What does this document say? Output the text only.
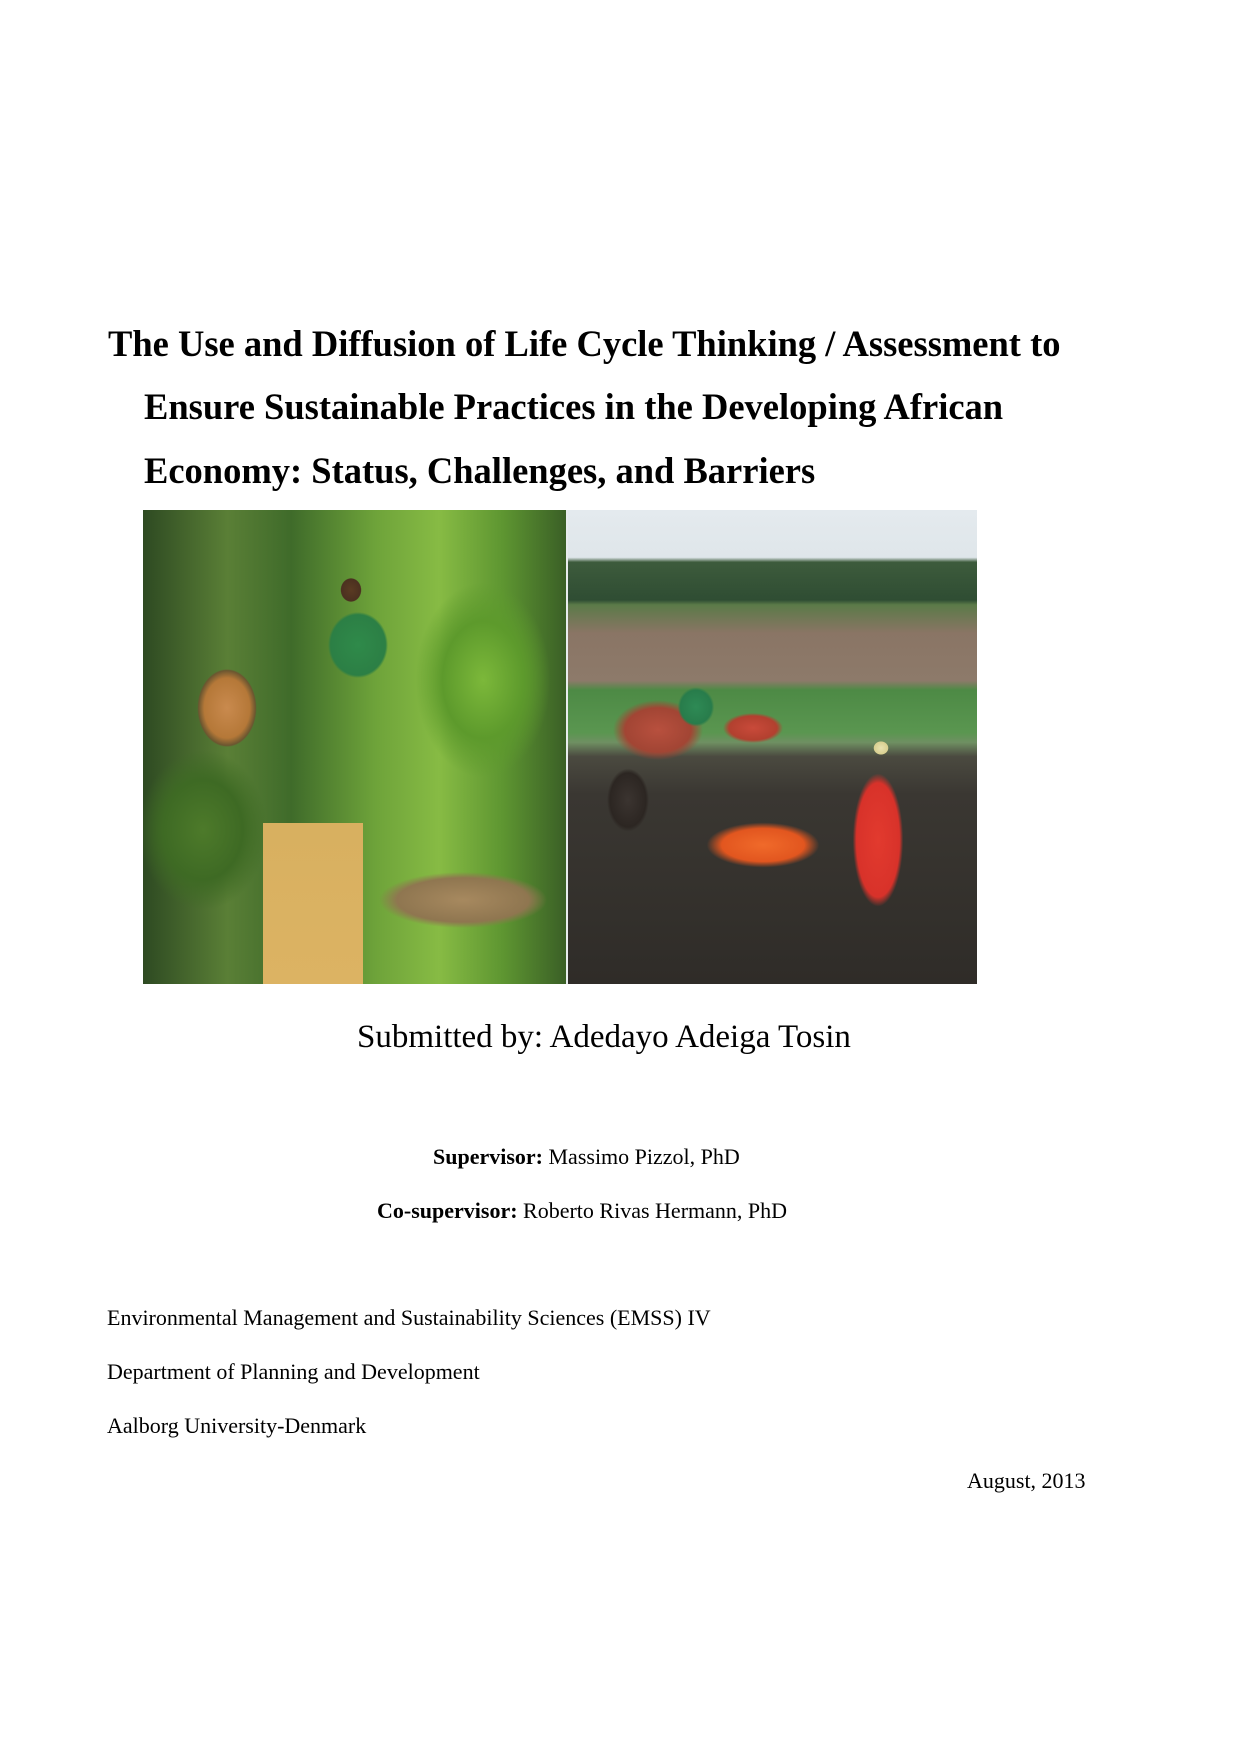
The Use and Diffusion of Life Cycle Thinking / Assessment to
Ensure Sustainable Practices in the Developing African
Economy: Status, Challenges, and Barriers
Submitted by: Adedayo Adeiga Tosin
Supervisor: Massimo Pizzol, PhD
Co-supervisor: Roberto Rivas Hermann, PhD
Environmental Management and Sustainability Sciences (EMSS) IV
Department of Planning and Development
Aalborg University-Denmark
August, 2013
